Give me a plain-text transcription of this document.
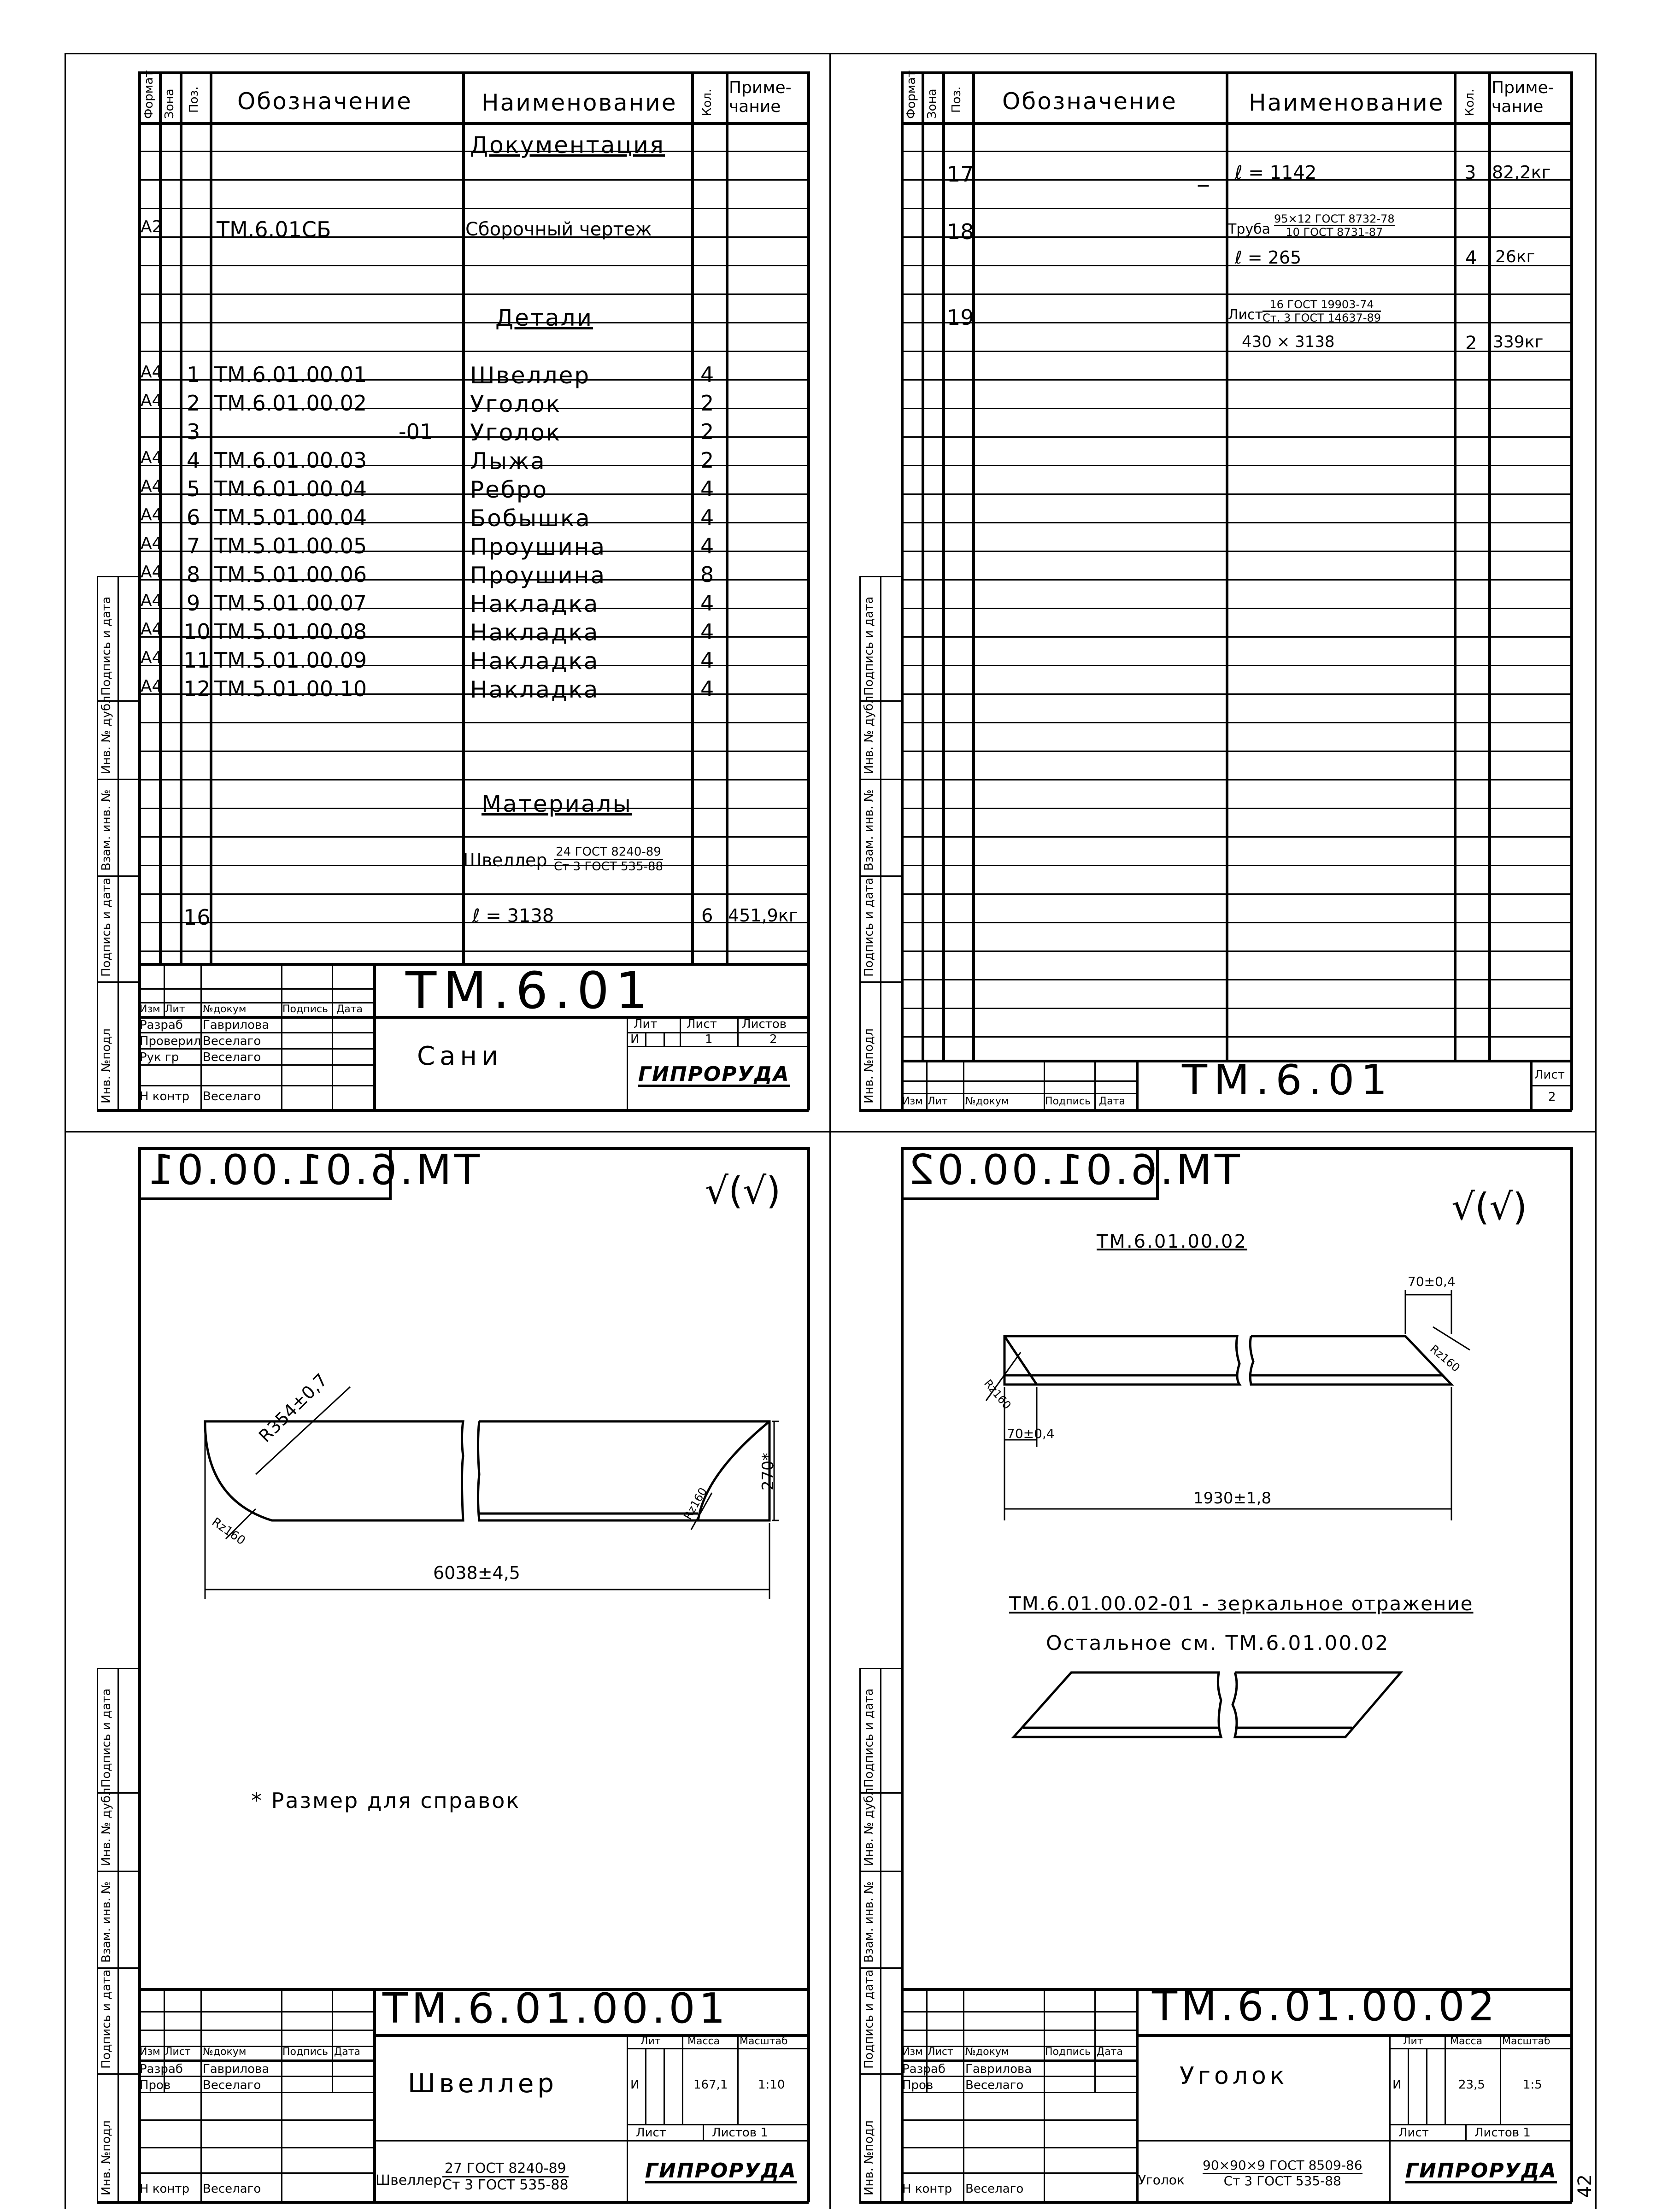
Инв. №подл
Подпись и дата
Взам. инв. №
Инв. № дубл
Подпись и дата
Формат Зона Поз. Обозначение	Наименование Кол.
Приме-чание
Документация
А2	ТМ.6.01СБ	Сборочный чертеж
Детали
А4 1 ТМ.6.01.00.01	Швеллер	4
А4 2 ТМ.6.01.00.02	Уголок	2
3	-01 Уголок	2
А4 4 ТМ.6.01.00.03	Лыжа	2
А4 5 ТМ.6.01.00.04	Ребро	4
А4 6 ТМ.5.01.00.04	Бобышка	4
А4 7 ТМ.5.01.00.05	Проушина	4
А4 8 ТМ.5.01.00.06	Проушина	8
А4 9 ТМ.5.01.00.07	Накладка	4
А4 10 ТМ.5.01.00.08	Накладка	4
А4 11 ТМ.5.01.00.09	Накладка	4
А4 12 ТМ.5.01.00.10	Накладка	4
Материалы
Швеллер 24 ГОСТ 8240-89
Ст 3 ГОСТ 535-88
16	ℓ = 3138	6 451,9кг
Изм Лит №докум	Подпись Дата
Разраб Гаврилова
Проверил Веселаго
Рук гр Веселаго
Н контр Веселаго
ТМ.6.01
Сани
Лит Лист Листов
И	1	2
ГИПРОРУДА	Инв. №подл
Подпись и дата
Взам. инв. №
Инв. № дубл
Подпись и дата
Формат Зона Поз. Обозначение	Наименование Кол.
Приме-чание
17	_ ℓ = 1142	3 82,2кг
18	Труба
95×12 ГОСТ 8732-78
10 ГОСТ 8731-87
ℓ = 265	4 26кг
19	Лист
16 ГОСТ 19903-74
Ст. 3 ГОСТ 14637-89
430 × 3138	2 339кг
Изм Лит №докум	Подпись Дата ТМ.6.01	Лист
2
Инв. №подл
Подпись и дата
Взам. инв. №
Инв. № дубл
Подпись и дата
ТМ.6.01.00.01	√(√)
R354±0,7
270*
6038±4,5
Rz160
Rz160
* Размер для справок
Изм Лист №докум	Подпись Дата
Разраб Гаврилова
Пров	Веселаго
Н контр Веселаго
ТМ.6.01.00.01
Швеллер
Лит	Масса Масштаб
И	167,1	1:10
Лист	Листов 1
Швеллер
27 ГОСТ 8240-89
Ст 3 ГОСТ 535-88
ГИПРОРУДА	Инв. №подл
Подпись и дата
Взам. инв. №
Инв. № дубл
Подпись и дата
ТМ.6.01.00.02
√(√)
ТМ.6.01.00.02
70±0,4
70±0,4
1930±1,8
Rz160
Rz160
ТМ.6.01.00.02-01 - зеркальное отражение
Остальное см. ТМ.6.01.00.02
Изм Лист №докум	Подпись Дата
Разраб Гаврилова
Пров	Веселаго
Н контр Веселаго
ТМ.6.01.00.02
Уголок
Лит	Масса Масштаб
И	23,5	1:5
Лист	Листов 1
Уголок
90×90×9 ГОСТ 8509-86
Ст 3 ГОСТ 535-88	ГИПРОРУДА
42
